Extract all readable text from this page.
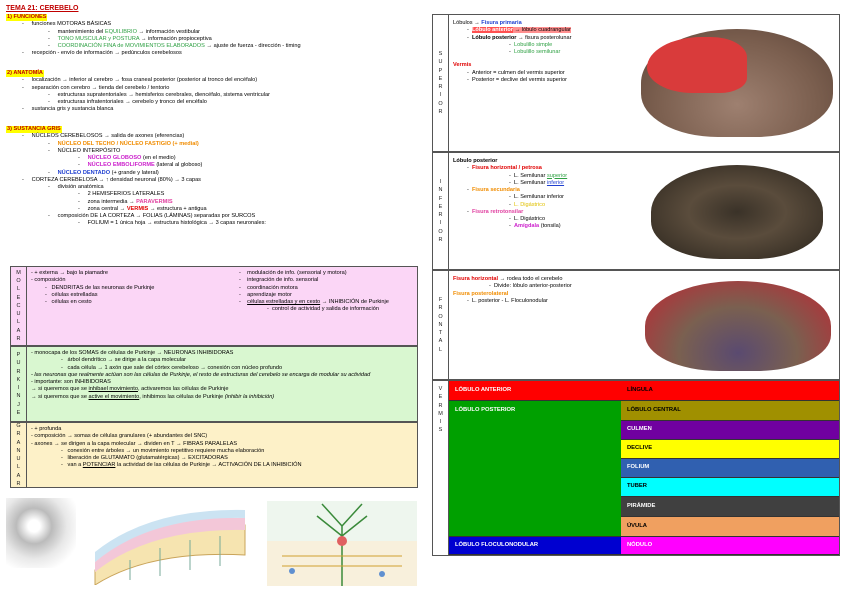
TEMA 21: CEREBELO
1) FUNCIONES
-     funciones MOTORAS BÁSICAS
-     mantenimiento del EQUILIBRIO → información vestibular
-     TONO MUSCULAR y POSTURA → información propioceptiva
-     COORDINACIÓN FINA de MOVIMIENTOS ELABORADOS → ajuste de fuerza - dirección - timing
-     recepción - envío de información → pedúnculos cerebelosos
2) ANATOMÍA
-     localización → inferior al cerebro → fosa craneal posterior (posterior al tronco del encéfalo)
-     separación con cerebro → tienda del cerebelo / tentorio
-     estructuras supratentoriales → hemisferios cerebrales, diencéfalo, sistema ventricular
-     estructuras infratentoriales → cerebelo y tronco del encéfalo
-     sustancia gris y sustancia blanca
3) SUSTANCIA GRIS
-     NÚCLEOS CEREBELOSOS → salida de axones (eferencias)
-     NÚCLEO DEL TECHO / NÚCLEO FASTIGIO (+ medial)
-     NÚCLEO INTERPÓSITO
-     NÚCLEO GLOBOSO (en el medio)
-     NÚCLEO EMBOLIFORME (lateral al globoso)
-     NÚCLEO DENTADO (+ grande y lateral)
-     CORTEZA CEREBELOSA → ↑ densidad neuronal (80%) → 3 capas
-     división anatómica
-     2 HEMISFERIOS LATERALES
-     zona intermedia → PARAVERMIS
-     zona central → VERMIS → estructura + antigua
-     composición DE LA CORTEZA → FOLIAS (LÁMINAS) separadas por SURCOS
-     FOLIUM = 1 única hoja → estructura histológica → 3 capas neuronales:
M
O
L
E
C
U
L
A
R
- + externa → bajo la piamadre
- composición
-   DENDRITAS de las neuronas de Purkinje
-   células estrelladas
-   células en cesto
-    modulación de info. (sensorial y motora)
-    integración de info. sensorial
-    coordinación motora
-    aprendizaje motor
-    células estrelladas y en cesto → INHIBICIÓN de Purkinje
-  control de actividad y salida de información
P
U
R
K
I
N
J
E
- monocapa de los SOMAS de células de Purkinje → NEURONAS INHIBIDORAS
-   árbol dendrítico → se dirige a la capa molecular
-   cada célula → 1 axón que sale del córtex cerebeloso → conexión con núcleo profundo
- las neuronas que realmente actúan son las células de Purkinje, el resto de estructuras del cerebelo se encarga de modular su actividad
- importante: son INHIBIDORAS
→ si queremos que se inhibael movimiento, activaremos las células de Purkinje
→ si queremos que se active el movimiento, inhibimos las células de Purkinje (inhibir la inhibición)
G
R
A
N
U
L
A
R
- + profunda
- composición → somas de células granulares (+ abundantes del SNC)
- axones → se dirigen a la capa molecular → dividen en T → FIBRAS PARALELAS
-   conexión entre árboles → un movimiento repetitivo requiere mucha elaboración
-   liberación de GLUTAMATO (glutamatérgicas) → EXCITADORAS
-   van a POTENCIAR la actividad de las células de Purkinje → ACTIVACIÓN DE LA INHIBICIÓN
S
U
P
E
R
I
O
R
Lóbulos → Fisura primaria
-  Lóbulo anterior → lóbulo cuadrangular
-  Lóbulo posterior → fisura posterolunar
-  Lobulillo simple
-  Lobulillo semilunar
Vermis
-  Anterior = culmen del vermis superior
-  Posterior = declive del vermis superior
I
N
F
E
R
I
O
R
Lóbulo posterior
-  Fisura horizontal / petrosa
-  L. Semilunar superior
-  L. Semilunar inferior
-  Fisura secundaria
-  L. Semilunar inferior
-  L. Digástrico
-  Fisura retrotonsilar
-  L. Digástrico
-  Amígdala (tonsila)
F
R
O
N
T
A
L
Fisura horizontal → rodea todo el cerebelo
-  Divide: lóbulo anterior-posterior
Fisura posterolateral
-  L. posterior - L. Floculonodular
V
E
R
M
I
S
LÓBULO ANTERIOR
LÓBULO POSTERIOR
LÓBULO FLOCULONODULAR
LÍNGULA
LÓBULO CENTRAL
CULMEN
DECLIVE
FOLIUM
TUBER
PIRÁMIDE
ÚVULA
NÓDULO
